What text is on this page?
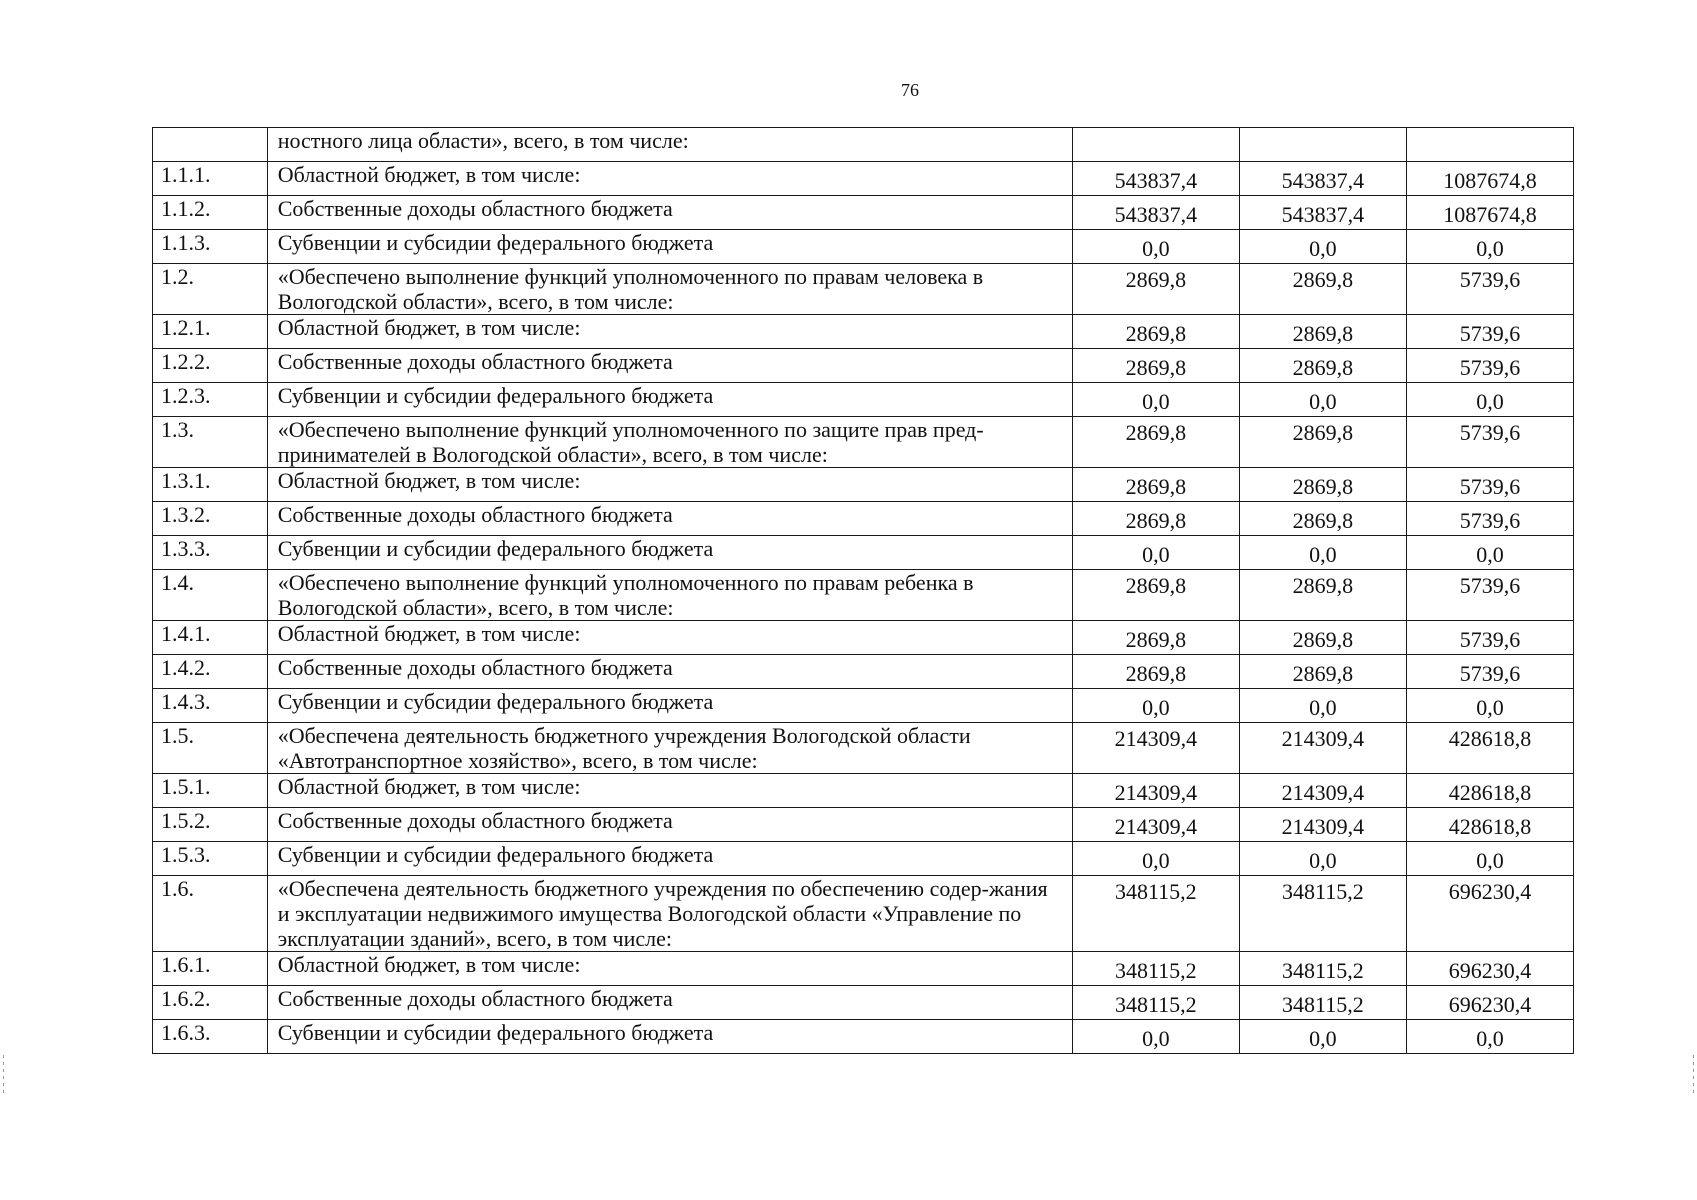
76
	ностного лица области», всего, в том числе:			
1.1.1.	Областной бюджет, в том числе:	543837,4	543837,4	1087674,8
1.1.2.	Собственные доходы областного бюджета	543837,4	543837,4	1087674,8
1.1.3.	Субвенции и субсидии федерального бюджета	0,0	0,0	0,0
1.2.	«Обеспечено выполнение функций уполномоченного по правам человека в Вологодской области», всего, в том числе:	2869,8	2869,8	5739,6
1.2.1.	Областной бюджет, в том числе:	2869,8	2869,8	5739,6
1.2.2.	Собственные доходы областного бюджета	2869,8	2869,8	5739,6
1.2.3.	Субвенции и субсидии федерального бюджета	0,0	0,0	0,0
1.3.	«Обеспечено выполнение функций уполномоченного по защите прав пред-принимателей в Вологодской области», всего, в том числе:	2869,8	2869,8	5739,6
1.3.1.	Областной бюджет, в том числе:	2869,8	2869,8	5739,6
1.3.2.	Собственные доходы областного бюджета	2869,8	2869,8	5739,6
1.3.3.	Субвенции и субсидии федерального бюджета	0,0	0,0	0,0
1.4.	«Обеспечено выполнение функций уполномоченного по правам ребенка в Вологодской области», всего, в том числе:	2869,8	2869,8	5739,6
1.4.1.	Областной бюджет, в том числе:	2869,8	2869,8	5739,6
1.4.2.	Собственные доходы областного бюджета	2869,8	2869,8	5739,6
1.4.3.	Субвенции и субсидии федерального бюджета	0,0	0,0	0,0
1.5.	«Обеспечена деятельность бюджетного учреждения Вологодской области «Автотранспортное хозяйство», всего, в том числе:	214309,4	214309,4	428618,8
1.5.1.	Областной бюджет, в том числе:	214309,4	214309,4	428618,8
1.5.2.	Собственные доходы областного бюджета	214309,4	214309,4	428618,8
1.5.3.	Субвенции и субсидии федерального бюджета	0,0	0,0	0,0
1.6.	«Обеспечена деятельность бюджетного учреждения по обеспечению содер-жания и эксплуатации недвижимого имущества Вологодской области «Управление по эксплуатации зданий», всего, в том числе:	348115,2	348115,2	696230,4
1.6.1.	Областной бюджет, в том числе:	348115,2	348115,2	696230,4
1.6.2.	Собственные доходы областного бюджета	348115,2	348115,2	696230,4
1.6.3.	Субвенции и субсидии федерального бюджета	0,0	0,0	0,0
